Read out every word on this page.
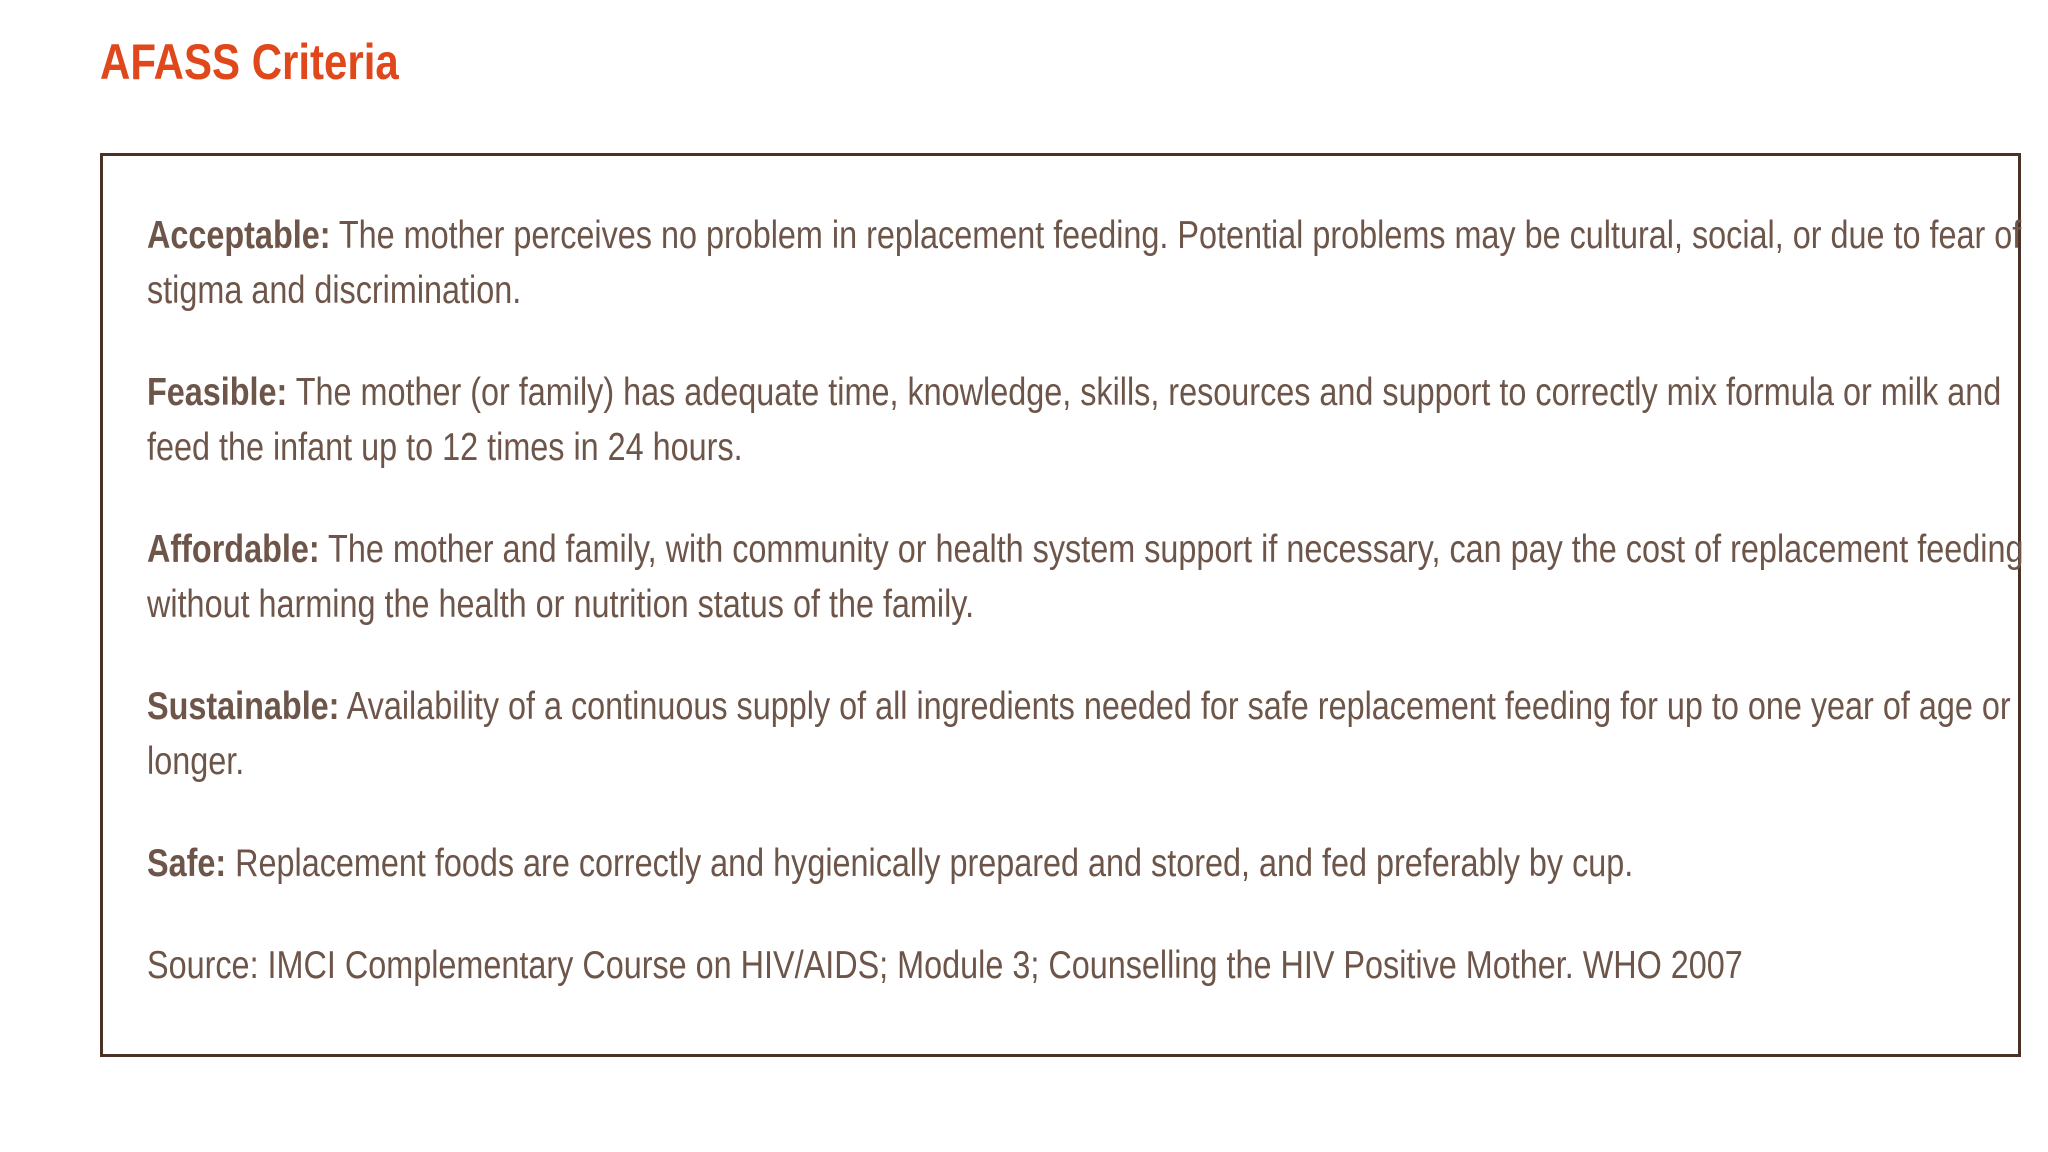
AFASS Criteria

Acceptable: The mother perceives no problem in replacement feeding. Potential problems may be cultural, social, or due to fear of stigma and discrimination.

Feasible: The mother (or family) has adequate time, knowledge, skills, resources and support to correctly mix formula or milk and feed the infant up to 12 times in 24 hours.

Affordable: The mother and family, with community or health system support if necessary, can pay the cost of replacement feeding without harming the health or nutrition status of the family.

Sustainable: Availability of a continuous supply of all ingredients needed for safe replacement feeding for up to one year of age or longer.

Safe: Replacement foods are correctly and hygienically prepared and stored, and fed preferably by cup.

Source: IMCI Complementary Course on HIV/AIDS; Module 3; Counselling the HIV Positive Mother. WHO 2007
